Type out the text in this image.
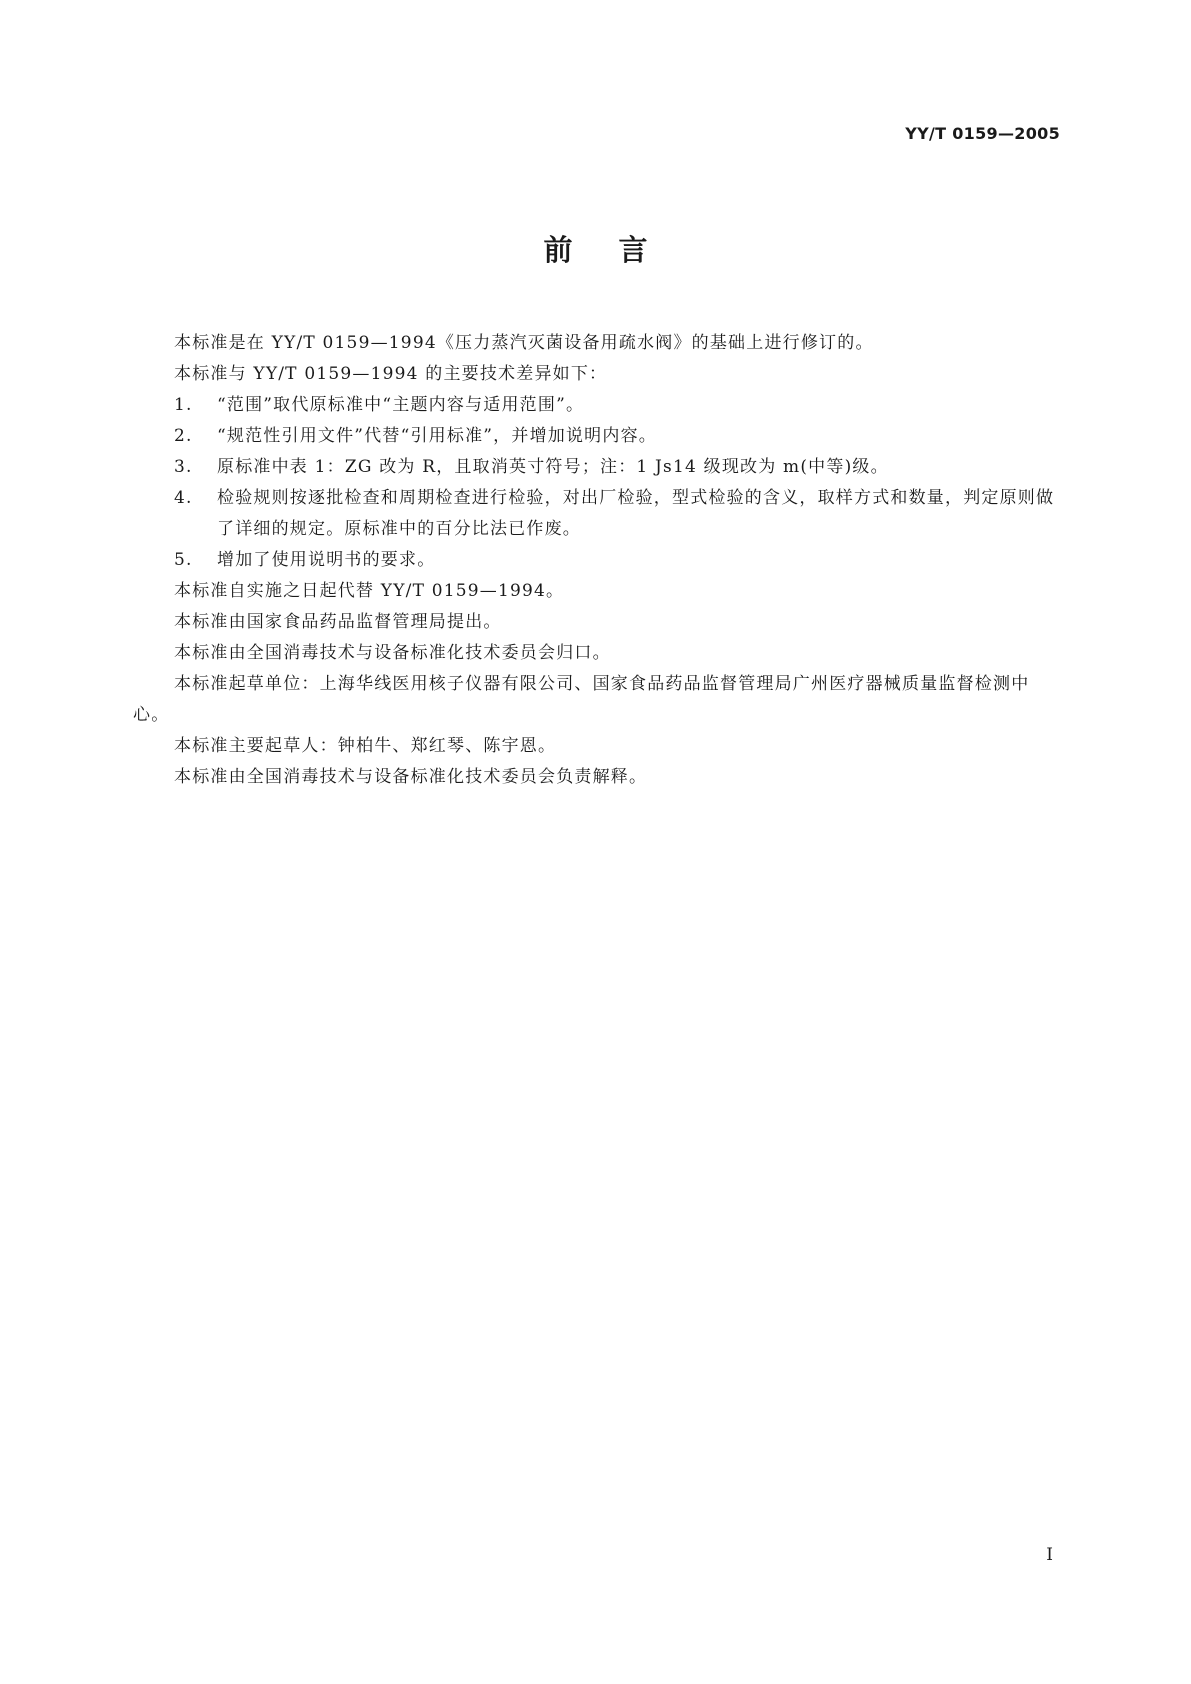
YY/T 0159—2005
前言

本标准是在 YY/T 0159—1994《压力蒸汽灭菌设备用疏水阀》的基础上进行修订的。

本标准与 YY/T 0159—1994 的主要技术差异如下：

1. “范围”取代原标准中“主题内容与适用范围”。
2. “规范性引用文件”代替“引用标准”，并增加说明内容。
3. 原标准中表 1：ZG 改为 R，且取消英寸符号；注：1 Js14 级现改为 m(中等)级。
4. 检验规则按逐批检查和周期检查进行检验，对出厂检验，型式检验的含义，取样方式和数量，判定原则做了详细的规定。原标准中的百分比法已作废。
5. 增加了使用说明书的要求。

本标准自实施之日起代替 YY/T 0159—1994。

本标准由国家食品药品监督管理局提出。

本标准由全国消毒技术与设备标准化技术委员会归口。

本标准起草单位：上海华线医用核子仪器有限公司、国家食品药品监督管理局广州医疗器械质量监督检测中心。

本标准主要起草人：钟柏牛、郑红琴、陈宇恩。

本标准由全国消毒技术与设备标准化技术委员会负责解释。

I
